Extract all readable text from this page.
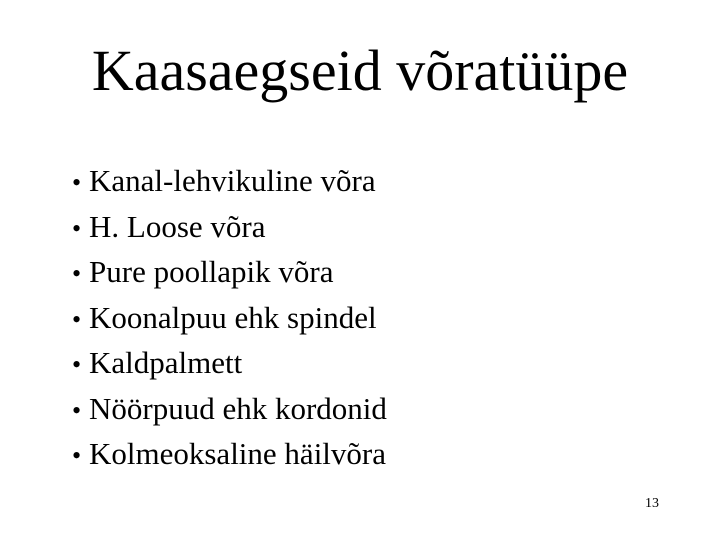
Kaasaegseid võratüüpe
• Kanal-lehvikuline võra
• H. Loose võra
• Pure poollapik võra
• Koonalpuu ehk spindel
• Kaldpalmett
• Nöörpuud ehk kordonid
• Kolmeoksaline häilvõra
13
